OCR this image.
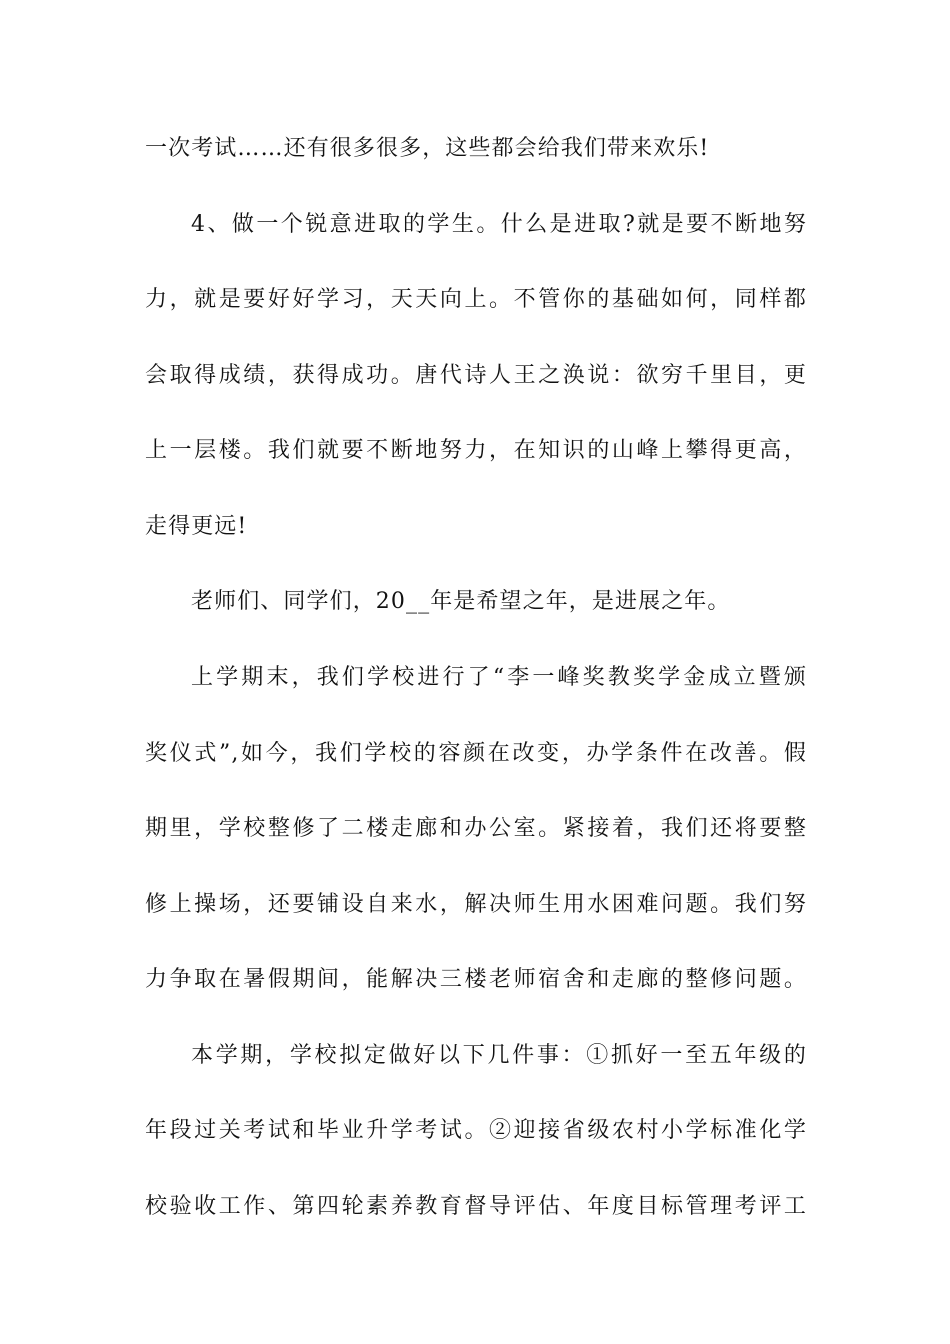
一次考试……还有很多很多，这些都会给我们带来欢乐!
4、做一个锐意进取的学生。什么是进取?就是要不断地努
力，就是要好好学习，天天向上。不管你的基础如何，同样都
会取得成绩，获得成功。唐代诗人王之涣说：欲穷千里目，更
上一层楼。我们就要不断地努力，在知识的山峰上攀得更高，
走得更远!
老师们、同学们，20__年是希望之年，是进展之年。
上学期末，我们学校进行了“李一峰奖教奖学金成立暨颁
奖仪式”,如今，我们学校的容颜在改变，办学条件在改善。假
期里，学校整修了二楼走廊和办公室。紧接着，我们还将要整
修上操场，还要铺设自来水，解决师生用水困难问题。我们努
力争取在暑假期间，能解决三楼老师宿舍和走廊的整修问题。
本学期，学校拟定做好以下几件事：①抓好一至五年级的
年段过关考试和毕业升学考试。②迎接省级农村小学标准化学
校验收工作、第四轮素养教育督导评估、年度目标管理考评工
